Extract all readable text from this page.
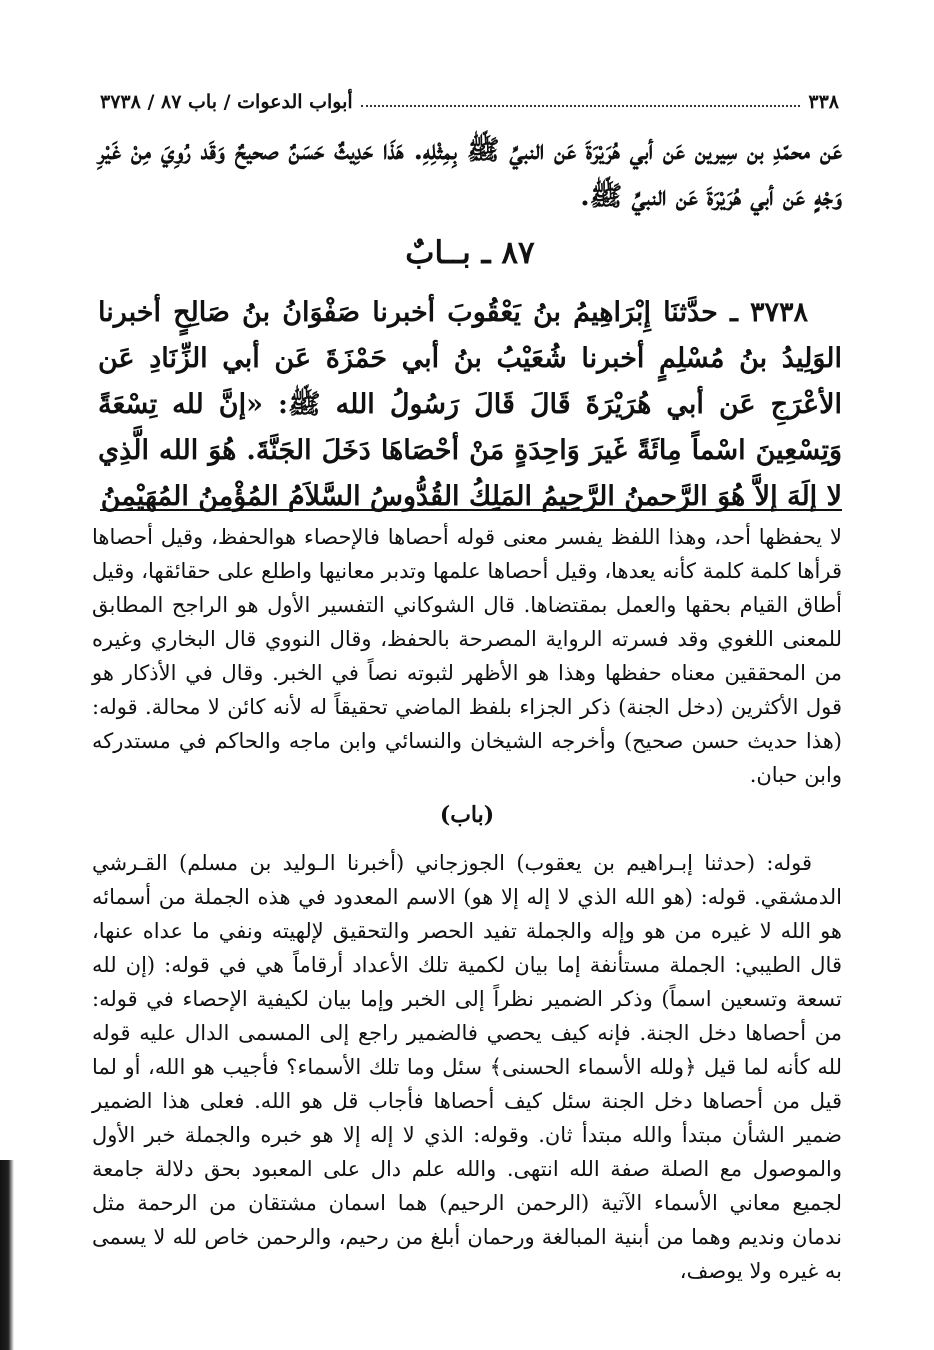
٣٣٨
أبواب الدعوات / باب ٨٧ / ٣٧٣٨

عَن محمّدِ بن سِيرين عَن أبي هُرَيْرَةَ عَن النبيِّ ﷺ بِمِثْلِهِ. هَذَا حَدِيثٌ حَسَنٌ صحيحٌ وَقَد رُوِيَ مِنْ غَيْرِ وَجْهٍ عَن أبي هُرَيْرَةَ عَن النبيِّ ﷺ.

٨٧ ـ بــابٌ

٣٧٣٨ ـ حدَّثنَا إِبْرَاهِيمُ بنُ يَعْقُوبَ أخبرنا صَفْوَانُ بنُ صَالِحٍ أخبرنا الوَلِيدُ بنُ مُسْلِمٍ أخبرنا شُعَيْبُ بنُ أبي حَمْزَةَ عَن أبي الزِّنَادِ عَن الأعْرَجِ عَن أبي هُرَيْرَةَ قَالَ قَالَ رَسُولُ الله ﷺ: «إنَّ لله تِسْعَةً وَتِسْعِينَ اسْماً مِائَةً غَيرَ وَاحِدَةٍ مَنْ أحْصَاهَا دَخَلَ الجَنَّةَ. هُوَ الله الَّذِي لا إلَهَ إلاَّ هُوَ الرَّحمنُ الرَّحِيمُ المَلِكُ القُدُّوسُ السَّلاَمُ المُؤْمِنُ المُهَيْمِنُ

لا يحفظها أحد، وهذا اللفظ يفسر معنى قوله أحصاها فالإحصاء هوالحفظ، وقيل أحصاها قرأها كلمة كلمة كأنه يعدها، وقيل أحصاها علمها وتدبر معانيها واطلع على حقائقها، وقيل أطاق القيام بحقها والعمل بمقتضاها. قال الشوكاني التفسير الأول هو الراجح المطابق للمعنى اللغوي وقد فسرته الرواية المصرحة بالحفظ، وقال النووي قال البخاري وغيره من المحققين معناه حفظها وهذا هو الأظهر لثبوته نصاً في الخبر. وقال في الأذكار هو قول الأكثرين (دخل الجنة) ذكر الجزاء بلفظ الماضي تحقيقاً له لأنه كائن لا محالة. قوله: (هذا حديث حسن صحيح) وأخرجه الشيخان والنسائي وابن ماجه والحاكم في مستدركه وابن حبان.

(باب)

قوله: (حدثنا إبـراهيم بن يعقوب) الجوزجاني (أخبرنا الـوليد بن مسلم) القـرشي الدمشقي. قوله: (هو الله الذي لا إله إلا هو) الاسم المعدود في هذه الجملة من أسمائه هو الله لا غيره من هو وإله والجملة تفيد الحصر والتحقيق لإلهيته ونفي ما عداه عنها، قال الطيبي: الجملة مستأنفة إما بيان لكمية تلك الأعداد أرقاماً هي في قوله: (إن لله تسعة وتسعين اسماً) وذكر الضمير نظراً إلى الخبر وإما بيان لكيفية الإحصاء في قوله: من أحصاها دخل الجنة. فإنه كيف يحصي فالضمير راجع إلى المسمى الدال عليه قوله لله كأنه لما قيل ﴿ولله الأسماء الحسنى﴾ سئل وما تلك الأسماء؟ فأجيب هو الله، أو لما قيل من أحصاها دخل الجنة سئل كيف أحصاها فأجاب قل هو الله. فعلى هذا الضمير ضمير الشأن مبتدأ والله مبتدأ ثان. وقوله: الذي لا إله إلا هو خبره والجملة خبر الأول والموصول مع الصلة صفة الله انتهى. والله علم دال على المعبود بحق دلالة جامعة لجميع معاني الأسماء الآتية (الرحمن الرحيم) هما اسمان مشتقان من الرحمة مثل ندمان ونديم وهما من أبنية المبالغة ورحمان أبلغ من رحيم، والرحمن خاص لله لا يسمى به غيره ولا يوصف،
